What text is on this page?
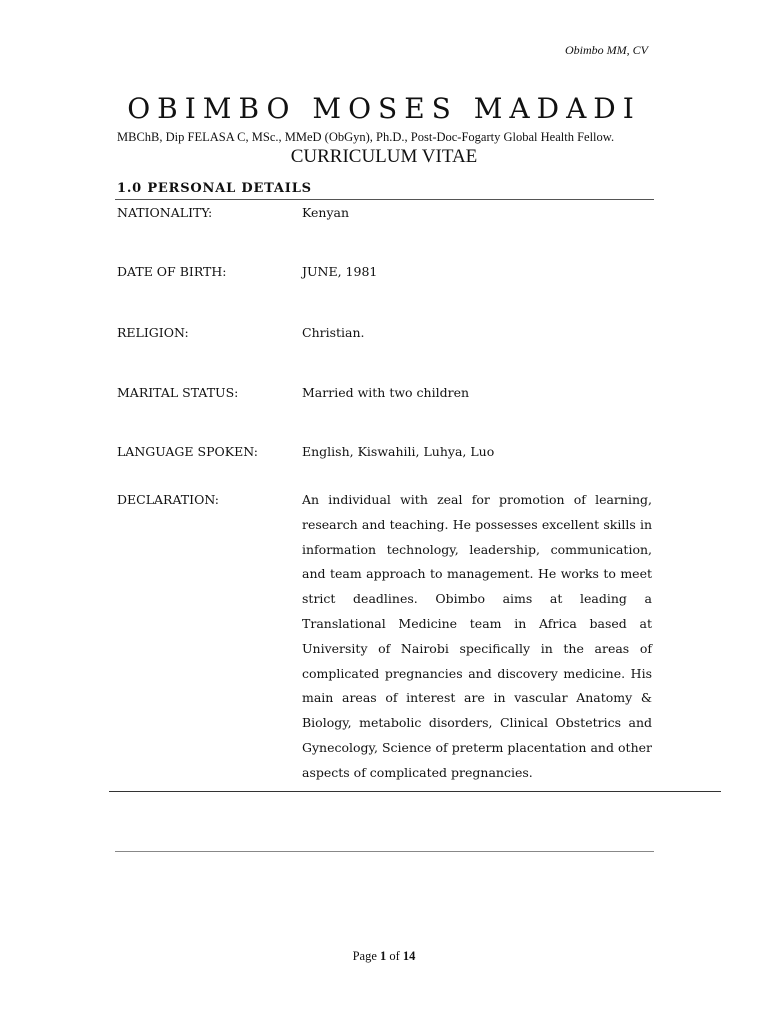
Obimbo MM, CV
OBIMBO MOSES MADADI
MBChB, Dip FELASA C, MSc., MMeD (ObGyn), Ph.D., Post-Doc-Fogarty Global Health Fellow.
CURRICULUM VITAE
1.0 PERSONAL DETAILS
NATIONALITY:	Kenyan
DATE OF BIRTH:	JUNE, 1981
RELIGION:	Christian.
MARITAL STATUS:	Married with two children
LANGUAGE SPOKEN:	English, Kiswahili, Luhya, Luo
DECLARATION:	An individual with zeal for promotion of learning, research and teaching. He possesses excellent skills in information technology, leadership, communication, and team approach to management. He works to meet strict deadlines. Obimbo aims at leading a Translational Medicine team in Africa based at University of Nairobi specifically in the areas of complicated pregnancies and discovery medicine. His main areas of interest are in vascular Anatomy & Biology, metabolic disorders, Clinical Obstetrics and Gynecology, Science of preterm placentation and other aspects of complicated pregnancies.
Page 1 of 14
